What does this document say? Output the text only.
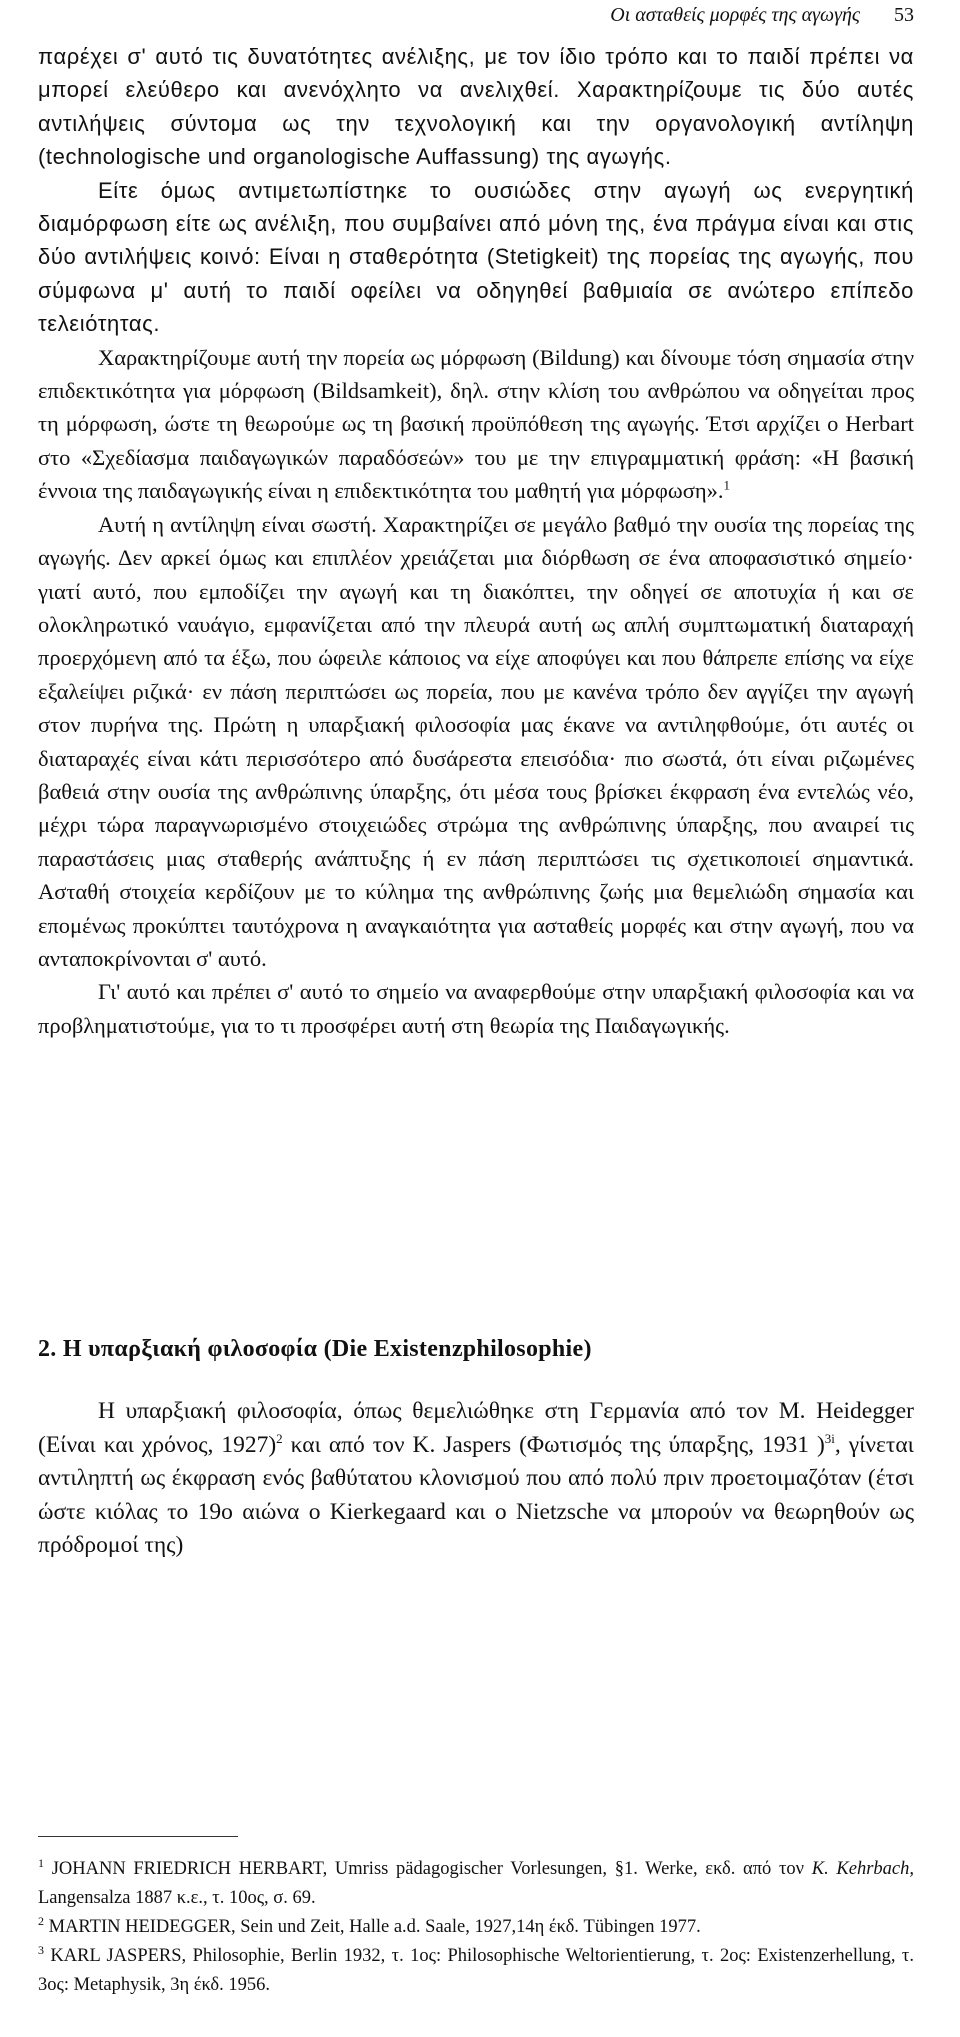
Οι ασταθείς μορφές της αγωγής 53

παρέχει σ' αυτό τις δυνατότητες ανέλιξης, με τον ίδιο τρόπο και το παιδί πρέπει να μπορεί ελεύθερο και ανενόχλητο να ανελιχθεί. Χαρακτηρίζουμε τις δύο αυτές αντιλήψεις σύντομα ως την τεχνολογική και την οργανολογική αντίληψη (technologische und organologische Auffassung) της αγωγής.

Είτε όμως αντιμετωπίστηκε το ουσιώδες στην αγωγή ως ενεργητική διαμόρφωση είτε ως ανέλιξη, που συμβαίνει από μόνη της, ένα πράγμα είναι και στις δύο αντιλήψεις κοινό: Είναι η σταθερότητα (Stetigkeit) της πορείας της αγωγής, που σύμφωνα μ' αυτή το παιδί οφείλει να οδηγηθεί βαθμιαία σε ανώτερο επίπεδο τελειότητας.

Χαρακτηρίζουμε αυτή την πορεία ως μόρφωση (Bildung) και δίνουμε τόση σημασία στην επιδεκτικότητα για μόρφωση (Bildsamkeit), δηλ. στην κλίση του ανθρώπου να οδηγείται προς τη μόρφωση, ώστε τη θεωρούμε ως τη βασική προϋπόθεση της αγωγής. Έτσι αρχίζει ο Herbart στο «Σχεδίασμα παιδαγωγικών παραδόσεών» του με την επιγραμματική φράση: «Η βασική έννοια της παιδαγωγικής είναι η επιδεκτικότητα του μαθητή για μόρφωση».$^1$

Αυτή η αντίληψη είναι σωστή. Χαρακτηρίζει σε μεγάλο βαθμό την ουσία της πορείας της αγωγής. Δεν αρκεί όμως και επιπλέον χρειάζεται μια διόρθωση σε ένα αποφασιστικό σημείο· γιατί αυτό, που εμποδίζει την αγωγή και τη διακόπτει, την οδηγεί σε αποτυχία ή και σε ολοκληρωτικό ναυάγιο, εμφανίζεται από την πλευρά αυτή ως απλή συμπτωματική διαταραχή προερχόμενη από τα έξω, που ώφειλε κάποιος να είχε αποφύγει και που θάπρεπε επίσης να είχε εξαλείψει ριζικά· εν πάση περιπτώσει ως πορεία, που με κανένα τρόπο δεν αγγίζει την αγωγή στον πυρήνα της. Πρώτη η υπαρξιακή φιλοσοφία μας έκανε να αντιληφθούμε, ότι αυτές οι διαταραχές είναι κάτι περισσότερο από δυσάρεστα επεισόδια· πιο σωστά, ότι είναι ριζωμένες βαθειά στην ουσία της ανθρώπινης ύπαρξης, ότι μέσα τους βρίσκει έκφραση ένα εντελώς νέο, μέχρι τώρα παραγνωρισμένο στοιχειώδες στρώμα της ανθρώπινης ύπαρξης, που αναιρεί τις παραστάσεις μιας σταθερής ανάπτυξης ή εν πάση περιπτώσει τις σχετικοποιεί σημαντικά. Ασταθή στοιχεία κερδίζουν με το κύλημα της ανθρώπινης ζωής μια θεμελιώδη σημασία και επομένως προκύπτει ταυτόχρονα η αναγκαιότητα για ασταθείς μορφές και στην αγωγή, που να ανταποκρίνονται σ' αυτό.

Γι' αυτό και πρέπει σ' αυτό το σημείο να αναφερθούμε στην υπαρξιακή φιλοσοφία και να προβληματιστούμε, για το τι προσφέρει αυτή στη θεωρία της Παιδαγωγικής.

2. Η υπαρξιακή φιλοσοφία (Die Existenzphilosophie)
Η υπαρξιακή φιλοσοφία, όπως θεμελιώθηκε στη Γερμανία από τον M. Heidegger (Είναι και χρόνος, 1927)$^2$ και από τον K. Jaspers (Φωτισμός της ύπαρξης, 1931 )$^{3i}$, γίνεται αντιληπτή ως έκφραση ενός βαθύτατου κλονισμού που από πολύ πριν προετοιμαζόταν (έτσι ώστε κιόλας το 19ο αιώνα ο Kierkegaard και ο Nietzsche να μπορούν να θεωρηθούν ως πρόδρομοί της)

$^1$ JOHANN FRIEDRICH HERBART, Umriss pädagogischer Vorlesungen, §1. Werke, εκδ. από τον K. Kehrbach, Langensalza 1887 κ.ε., τ. 10ος, σ. 69.

$^2$ MARTIN HEIDEGGER, Sein und Zeit, Halle a.d. Saale, 1927,14η έκδ. Tübingen 1977.

$^3$ KARL JASPERS, Philosophie, Berlin 1932, τ. 1ος: Philosophische Weltorientierung, τ. 2ος: Existenzerhellung, τ. 3ος: Metaphysik, 3η έκδ. 1956.
